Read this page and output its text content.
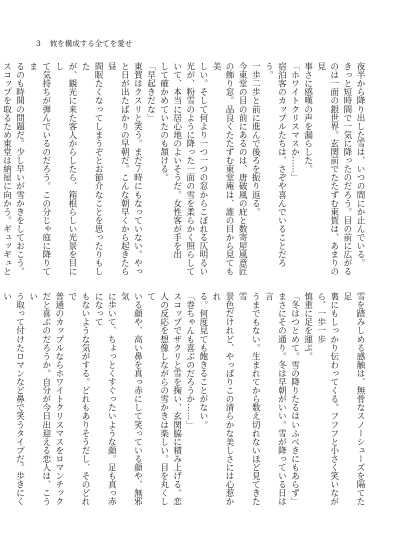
3 彼を構成する全てを愛せ

夜半から降り出した雪は、いつの間にか止んでいる。

きっと短時間で一気に降ったのだろう。目の前に広がる

のは一面の銀世界。玄関前でたたずむ東賀は、あまりの見

事さに感嘆の声を漏らした。

「ホワイトクリスマスか……」

宿泊客のカップルたちは、さぞや喜んでいることだろう。

一歩二歩と前に進んで後ろを振り返る。

今東堂の目の前にあるのは、唐破風の庇と数寄屋風意匠

の飾り窓。品良くたたずむ東堂庵は、誰の目から見ても美

しい。そして何より一つ一つの窓からこぼれる仄明るい

光が、粉雪のように降った一面の雪を柔らかく照らして

いて、本当に居心地のよいそうだ。女性客が手を出

して確かめていたのも頷ける。

「早起きだな」

東賀はクスリと笑う。まだ７時にもなっていない。やっ

と日が出たばかりの早朝だ。こんな朝早くから起きたら昼

間眠たくなってしまうぞとお節介なことを思ったりもした

が、観光に来た客人からしたら、箱根らしい光景を目にし

て気持ちが弾んでいるのだろう。この分じゃ庭に降りてま

るのも時間の問題だ。少し早いが雪かきをしておこう。

スコップを取るため東堂は納屋に向かう。ギュッギュと

雪を踏みしめる感触は、無骨なスノーシューズを隔てた足

裏にもしっかり伝わってくる。フフフと小さく笑いながら、一歩一歩

慎重に足を運ぶ。

「冬はつとめて。雪の降りたるはいふべきにもあらず」

まさにその通り。冬は早朝がいい。雪が降っている日は言

うまでもない。生まれてから数え切れないほど見てきた雪

景色だけれど、やっぱりこの清らかな美しさには心惹かれ

る。何度見ても飽きることがない。

「巻ちゃんも喜ぶのだろうか……」

スコップでザクリと雪を掬い、玄関脇に積み上げる。恋

人の反応を想像しながらの雪かきは楽しい。目を丸くして

いる顔や、高い鼻を真っ赤にして笑っている顔や、無邪気

に歩いて、ちょっとくすぐったいような顔。足も真っ赤になって

もないような気がする。どれもありそうだし、そのどれで

普通のカップルならホワイトクリスマスをロマンチック

だと喜ぶのだろうか。自分が今日出迎える恋人は、こうい

う取って付けたロマンなど鼻で笑うタイプだ。歩きにくい
